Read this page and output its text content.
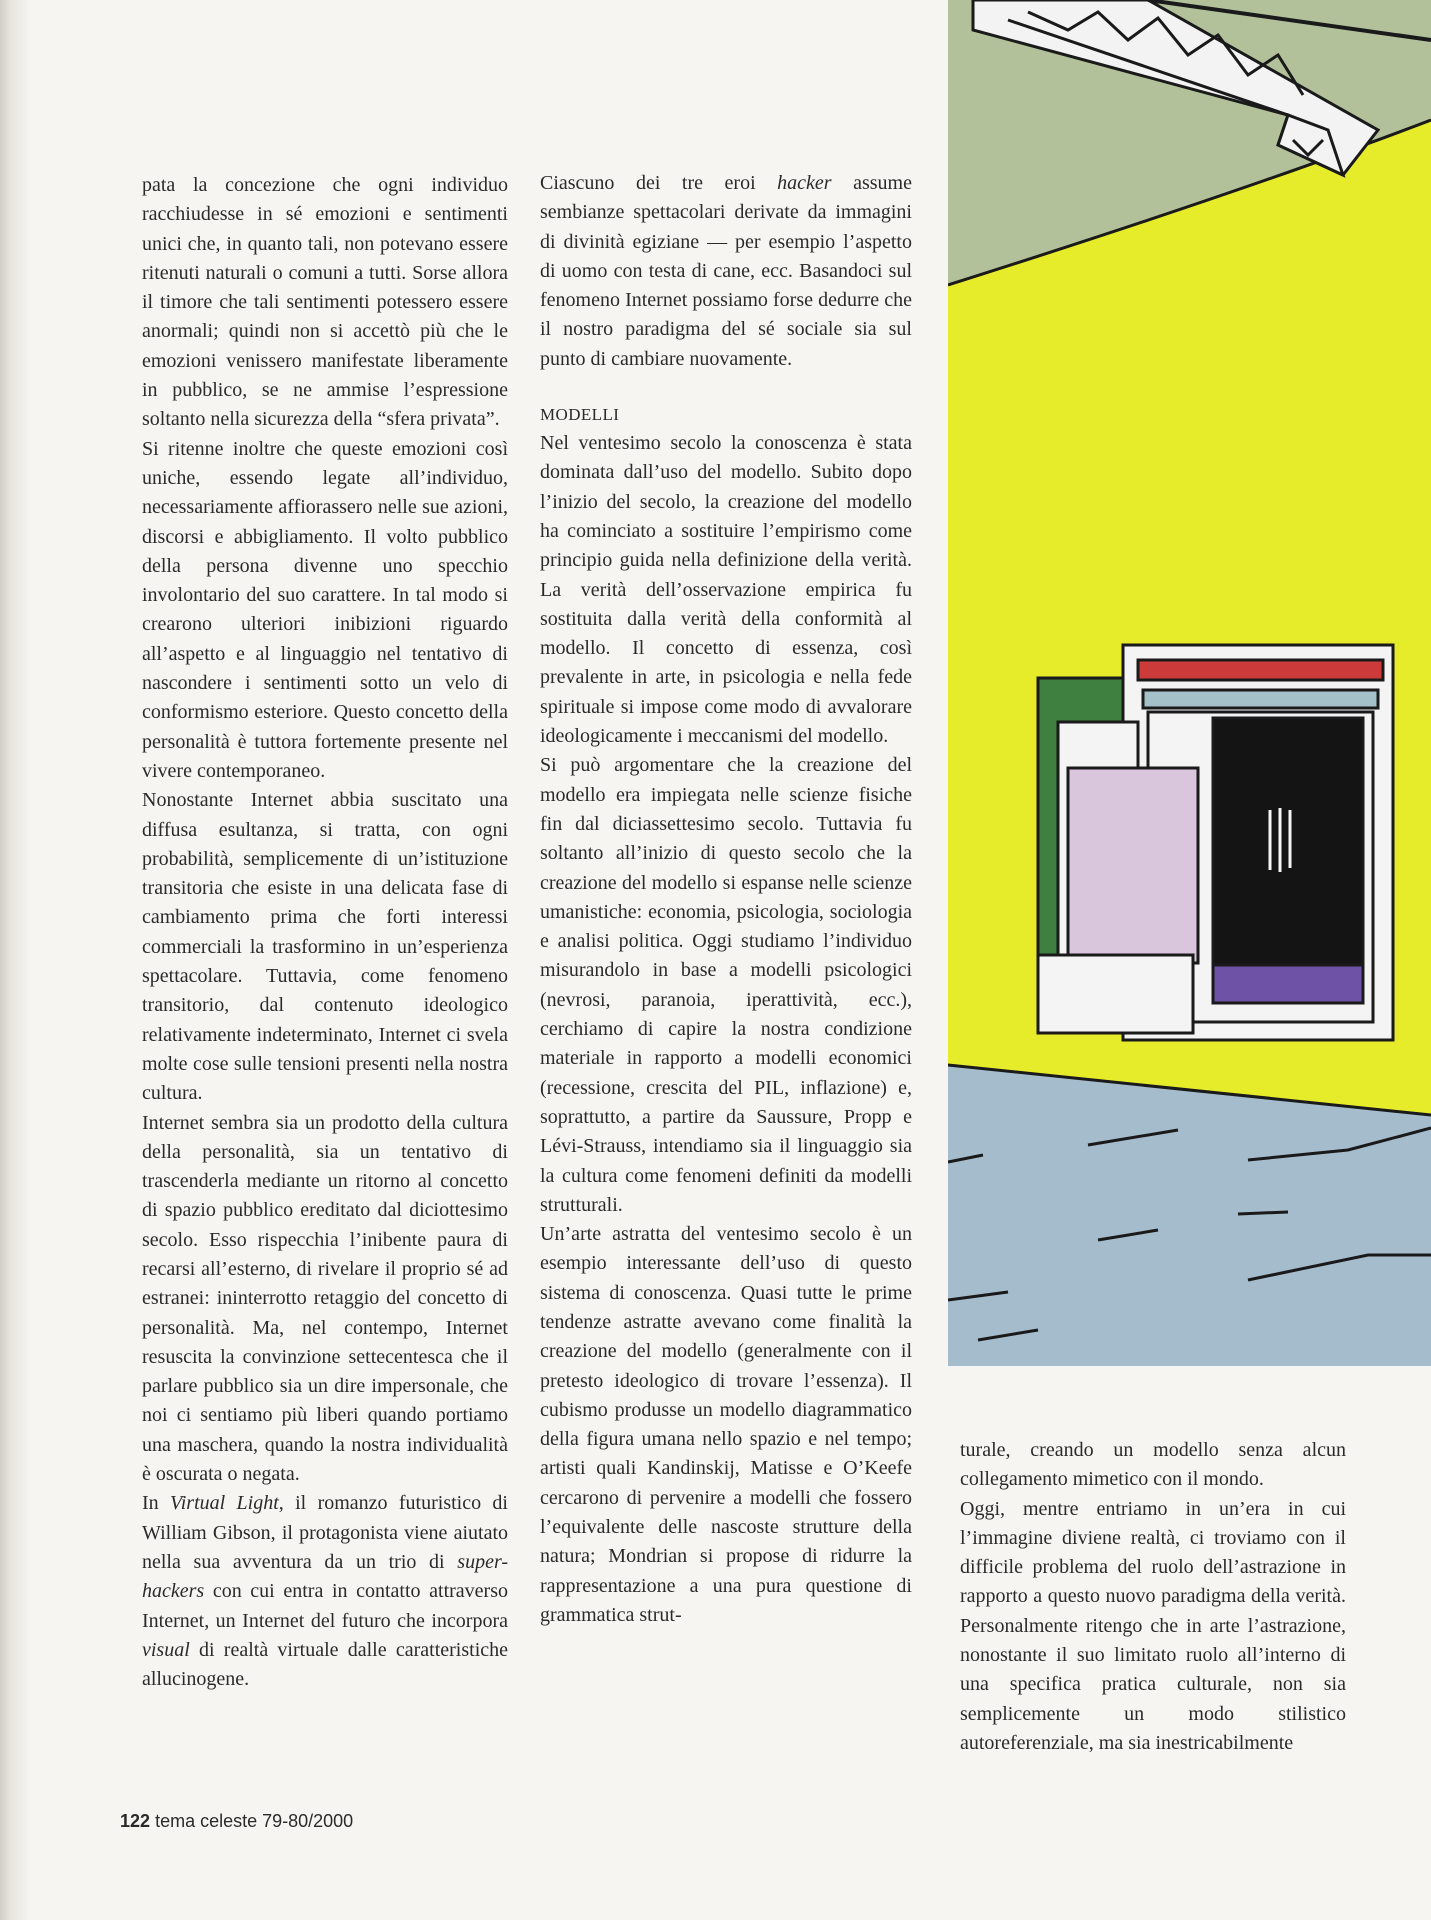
pata la concezione che ogni individuo racchiudesse in sé emozioni e sentimenti unici che, in quanto tali, non potevano essere ritenuti naturali o comuni a tutti. Sorse allora il timore che tali sentimenti potessero essere anormali; quindi non si accettò più che le emozioni venissero manifestate liberamente in pubblico, se ne ammise l’espressione soltanto nella sicurezza della “sfera privata”.

Si ritenne inoltre che queste emozioni così uniche, essendo legate all’individuo, necessariamente affiorassero nelle sue azioni, discorsi e abbigliamento. Il volto pubblico della persona divenne uno specchio involontario del suo carattere. In tal modo si crearono ulteriori inibizioni riguardo all’aspetto e al linguaggio nel tentativo di nascondere i sentimenti sotto un velo di conformismo esteriore. Questo concetto della personalità è tuttora fortemente presente nel vivere contemporaneo.

Nonostante Internet abbia suscitato una diffusa esultanza, si tratta, con ogni probabilità, semplicemente di un’istituzione transitoria che esiste in una delicata fase di cambiamento prima che forti interessi commerciali la trasformino in un’esperienza spettacolare. Tuttavia, come fenomeno transitorio, dal contenuto ideologico relativamente indeterminato, Internet ci svela molte cose sulle tensioni presenti nella nostra cultura.

Internet sembra sia un prodotto della cultura della personalità, sia un tentativo di trascenderla mediante un ritorno al concetto di spazio pubblico ereditato dal diciottesimo secolo. Esso rispecchia l’inibente paura di recarsi all’esterno, di rivelare il proprio sé ad estranei: ininterrotto retaggio del concetto di personalità. Ma, nel contempo, Internet resuscita la convinzione settecentesca che il parlare pubblico sia un dire impersonale, che noi ci sentiamo più liberi quando portiamo una maschera, quando la nostra individualità è oscurata o negata.

In Virtual Light, il romanzo futuristico di William Gibson, il protagonista viene aiutato nella sua avventura da un trio di super-hackers con cui entra in contatto attraverso Internet, un Internet del futuro che incorpora visual di realtà virtuale dalle caratteristiche allucinogene.

Ciascuno dei tre eroi hacker assume sembianze spettacolari derivate da immagini di divinità egiziane — per esempio l’aspetto di uomo con testa di cane, ecc. Basandoci sul fenomeno Internet possiamo forse dedurre che il nostro paradigma del sé sociale sia sul punto di cambiare nuovamente.

MODELLI

Nel ventesimo secolo la conoscenza è stata dominata dall’uso del modello. Subito dopo l’inizio del secolo, la creazione del modello ha cominciato a sostituire l’empirismo come principio guida nella definizione della verità. La verità dell’osservazione empirica fu sostituita dalla verità della conformità al modello. Il concetto di essenza, così prevalente in arte, in psicologia e nella fede spirituale si impose come modo di avvalorare ideologicamente i meccanismi del modello.

Si può argomentare che la creazione del modello era impiegata nelle scienze fisiche fin dal diciassettesimo secolo. Tuttavia fu soltanto all’inizio di questo secolo che la creazione del modello si espanse nelle scienze umanistiche: economia, psicologia, sociologia e analisi politica. Oggi studiamo l’individuo misurandolo in base a modelli psicologici (nevrosi, paranoia, iperattività, ecc.), cerchiamo di capire la nostra condizione materiale in rapporto a modelli economici (recessione, crescita del PIL, inflazione) e, soprattutto, a partire da Saussure, Propp e Lévi-Strauss, intendiamo sia il linguaggio sia la cultura come fenomeni definiti da modelli strutturali.

Un’arte astratta del ventesimo secolo è un esempio interessante dell’uso di questo sistema di conoscenza. Quasi tutte le prime tendenze astratte avevano come finalità la creazione del modello (generalmente con il pretesto ideologico di trovare l’essenza). Il cubismo produsse un modello diagrammatico della figura umana nello spazio e nel tempo; artisti quali Kandinskij, Matisse e O’Keefe cercarono di pervenire a modelli che fossero l’equivalente delle nascoste strutture della natura; Mondrian si propose di ridurre la rappresentazione a una pura questione di grammatica strut-

turale, creando un modello senza alcun collegamento mimetico con il mondo.

Oggi, mentre entriamo in un’era in cui l’immagine diviene realtà, ci troviamo con il difficile problema del ruolo dell’astrazione in rapporto a questo nuovo paradigma della verità. Personalmente ritengo che in arte l’astrazione, nonostante il suo limitato ruolo all’interno di una specifica pratica culturale, non sia semplicemente un modo stilistico autoreferenziale, ma sia inestricabilmente

122 tema celeste 79-80/2000
